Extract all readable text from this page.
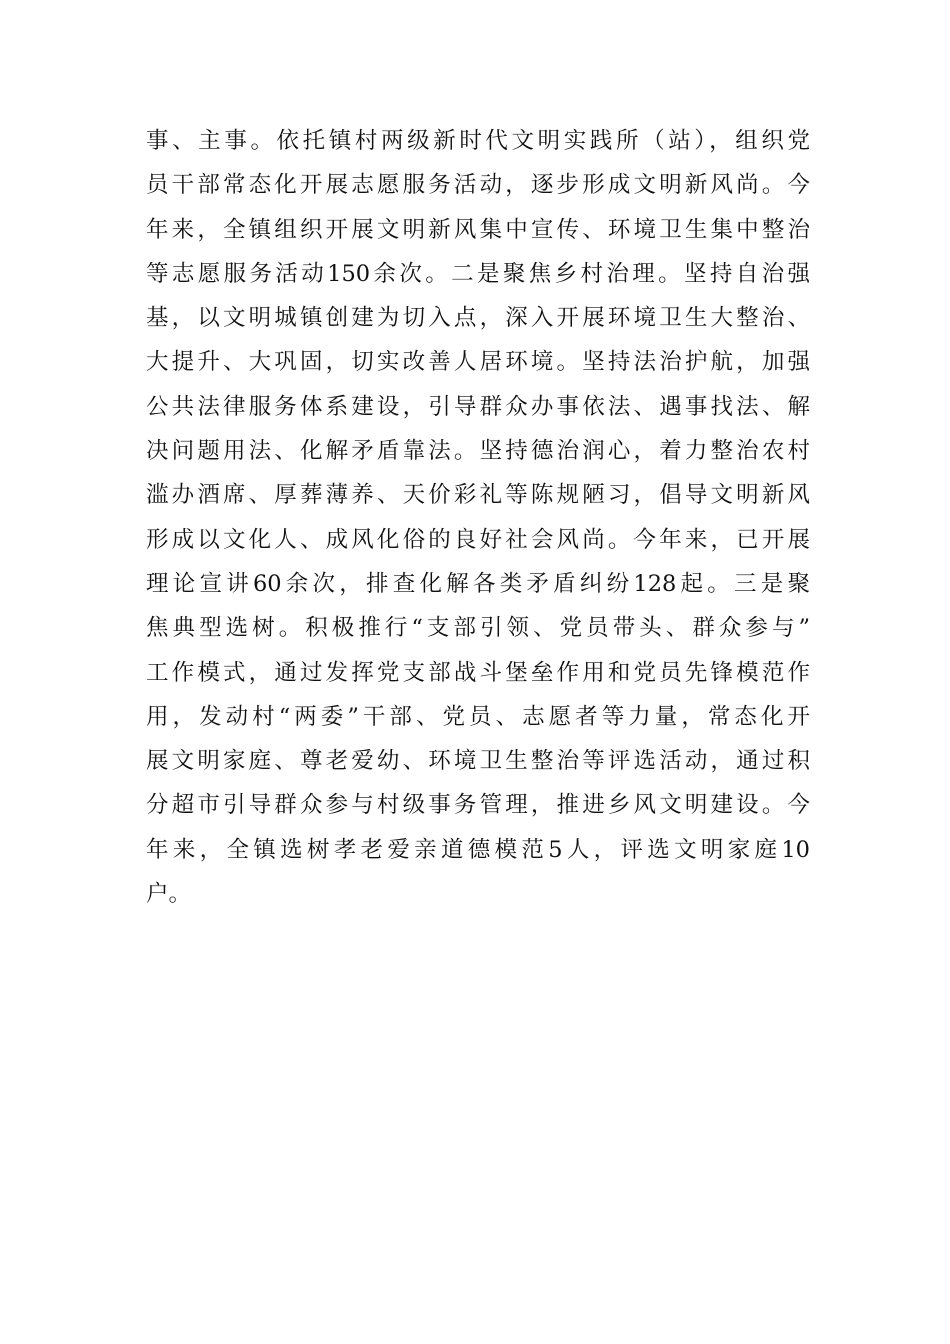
事、主事。依托镇村两级新时代文明实践所（站），组织党
员干部常态化开展志愿服务活动，逐步形成文明新风尚。今
年来，全镇组织开展文明新风集中宣传、环境卫生集中整治
等志愿服务活动150余次。二是聚焦乡村治理。坚持自治强
基，以文明城镇创建为切入点，深入开展环境卫生大整治、
大提升、大巩固，切实改善人居环境。坚持法治护航，加强
公共法律服务体系建设，引导群众办事依法、遇事找法、解
决问题用法、化解矛盾靠法。坚持德治润心，着力整治农村
滥办酒席、厚葬薄养、天价彩礼等陈规陋习，倡导文明新风
形成以文化人、成风化俗的良好社会风尚。今年来，已开展
理论宣讲60余次，排查化解各类矛盾纠纷128起。三是聚
焦典型选树。积极推行“支部引领、党员带头、群众参与”
工作模式，通过发挥党支部战斗堡垒作用和党员先锋模范作
用，发动村“两委”干部、党员、志愿者等力量，常态化开
展文明家庭、尊老爱幼、环境卫生整治等评选活动，通过积
分超市引导群众参与村级事务管理，推进乡风文明建设。今
年来，全镇选树孝老爱亲道德模范5人，评选文明家庭10
户。
